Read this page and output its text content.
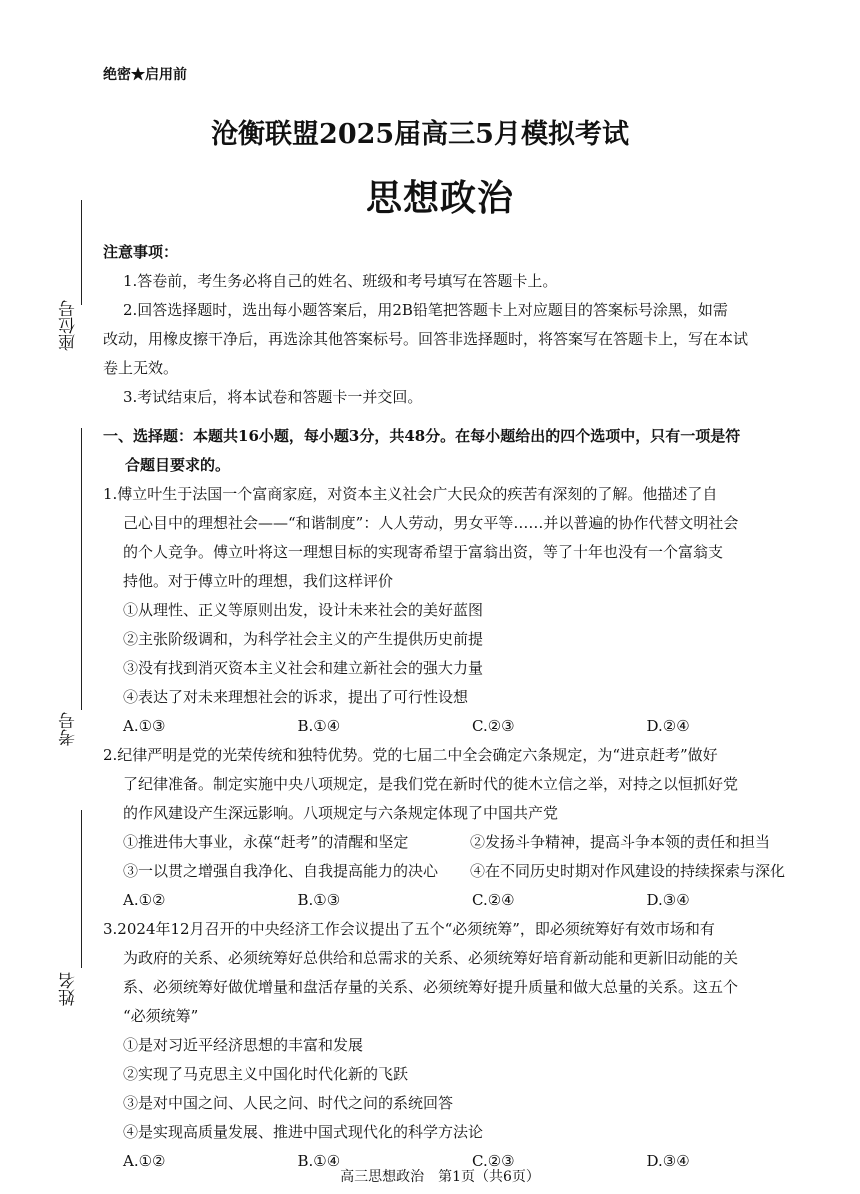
绝密★启用前
沧衡联盟2025届高三5月模拟考试
思想政治
座位号
考号
姓名
注意事项：
1.答卷前，考生务必将自己的姓名、班级和考号填写在答题卡上。
2.回答选择题时，选出每小题答案后，用2B铅笔把答题卡上对应题目的答案标号涂黑，如需
改动，用橡皮擦干净后，再选涂其他答案标号。回答非选择题时，将答案写在答题卡上，写在本试
卷上无效。
3.考试结束后，将本试卷和答题卡一并交回。
一、选择题：本题共16小题，每小题3分，共48分。在每小题给出的四个选项中，只有一项是符
合题目要求的。
1.傅立叶生于法国一个富商家庭，对资本主义社会广大民众的疾苦有深刻的了解。他描述了自
己心目中的理想社会——“和谐制度”：人人劳动，男女平等……并以普遍的协作代替文明社会
的个人竞争。傅立叶将这一理想目标的实现寄希望于富翁出资，等了十年也没有一个富翁支
持他。对于傅立叶的理想，我们这样评价
①从理性、正义等原则出发，设计未来社会的美好蓝图
②主张阶级调和，为科学社会主义的产生提供历史前提
③没有找到消灭资本主义社会和建立新社会的强大力量
④表达了对未来理想社会的诉求，提出了可行性设想
A.①③	B.①④	C.②③	D.②④
2.纪律严明是党的光荣传统和独特优势。党的七届二中全会确定六条规定，为“进京赶考”做好
了纪律准备。制定实施中央八项规定，是我们党在新时代的徙木立信之举，对持之以恒抓好党
的作风建设产生深远影响。八项规定与六条规定体现了中国共产党
①推进伟大事业，永葆“赶考”的清醒和坚定	②发扬斗争精神，提高斗争本领的责任和担当
③一以贯之增强自我净化、自我提高能力的决心	④在不同历史时期对作风建设的持续探索与深化
A.①②	B.①③	C.②④	D.③④
3.2024年12月召开的中央经济工作会议提出了五个“必须统筹”，即必须统筹好有效市场和有
为政府的关系、必须统筹好总供给和总需求的关系、必须统筹好培育新动能和更新旧动能的关
系、必须统筹好做优增量和盘活存量的关系、必须统筹好提升质量和做大总量的关系。这五个
“必须统筹”
①是对习近平经济思想的丰富和发展
②实现了马克思主义中国化时代化新的飞跃
③是对中国之问、人民之问、时代之问的系统回答
④是实现高质量发展、推进中国式现代化的科学方法论
A.①②	B.①④	C.②③	D.③④
高三思想政治　第1页（共6页）
